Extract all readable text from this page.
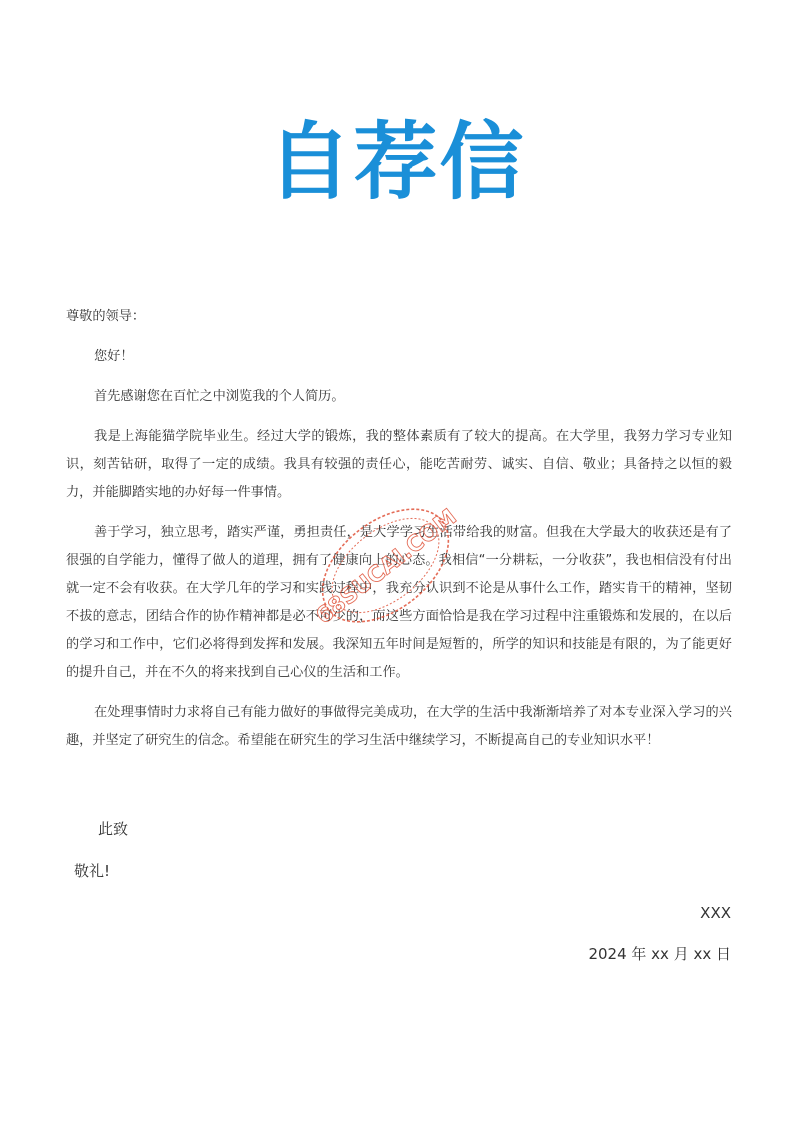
自荐信

尊敬的领导：

您好！

首先感谢您在百忙之中浏览我的个人简历。

我是上海能猫学院毕业生。经过大学的锻炼，我的整体素质有了较大的提高。在大学里，我努力学习专业知识，刻苦钻研，取得了一定的成绩。我具有较强的责任心，能吃苦耐劳、诚实、自信、敬业；具备持之以恒的毅力，并能脚踏实地的办好每一件事情。

善于学习，独立思考，踏实严谨，勇担责任，是大学学习生活带给我的财富。但我在大学最大的收获还是有了很强的自学能力，懂得了做人的道理，拥有了健康向上的心态。我相信“一分耕耘，一分收获”，我也相信没有付出就一定不会有收获。在大学几年的学习和实践过程中，我充分认识到不论是从事什么工作，踏实肯干的精神，坚韧不拔的意志，团结合作的协作精神都是必不可少的，而这些方面恰恰是我在学习过程中注重锻炼和发展的，在以后的学习和工作中，它们必将得到发挥和发展。我深知五年时间是短暂的，所学的知识和技能是有限的，为了能更好的提升自己，并在不久的将来找到自己心仪的生活和工作。

在处理事情时力求将自己有能力做好的事做得完美成功，在大学的生活中我渐渐培养了对本专业深入学习的兴趣，并坚定了研究生的信念。希望能在研究生的学习生活中继续学习，不断提高自己的专业知识水平！

此致
敬礼!
XXX
2024 年 xx 月 xx 日
68SUCAI.COM
